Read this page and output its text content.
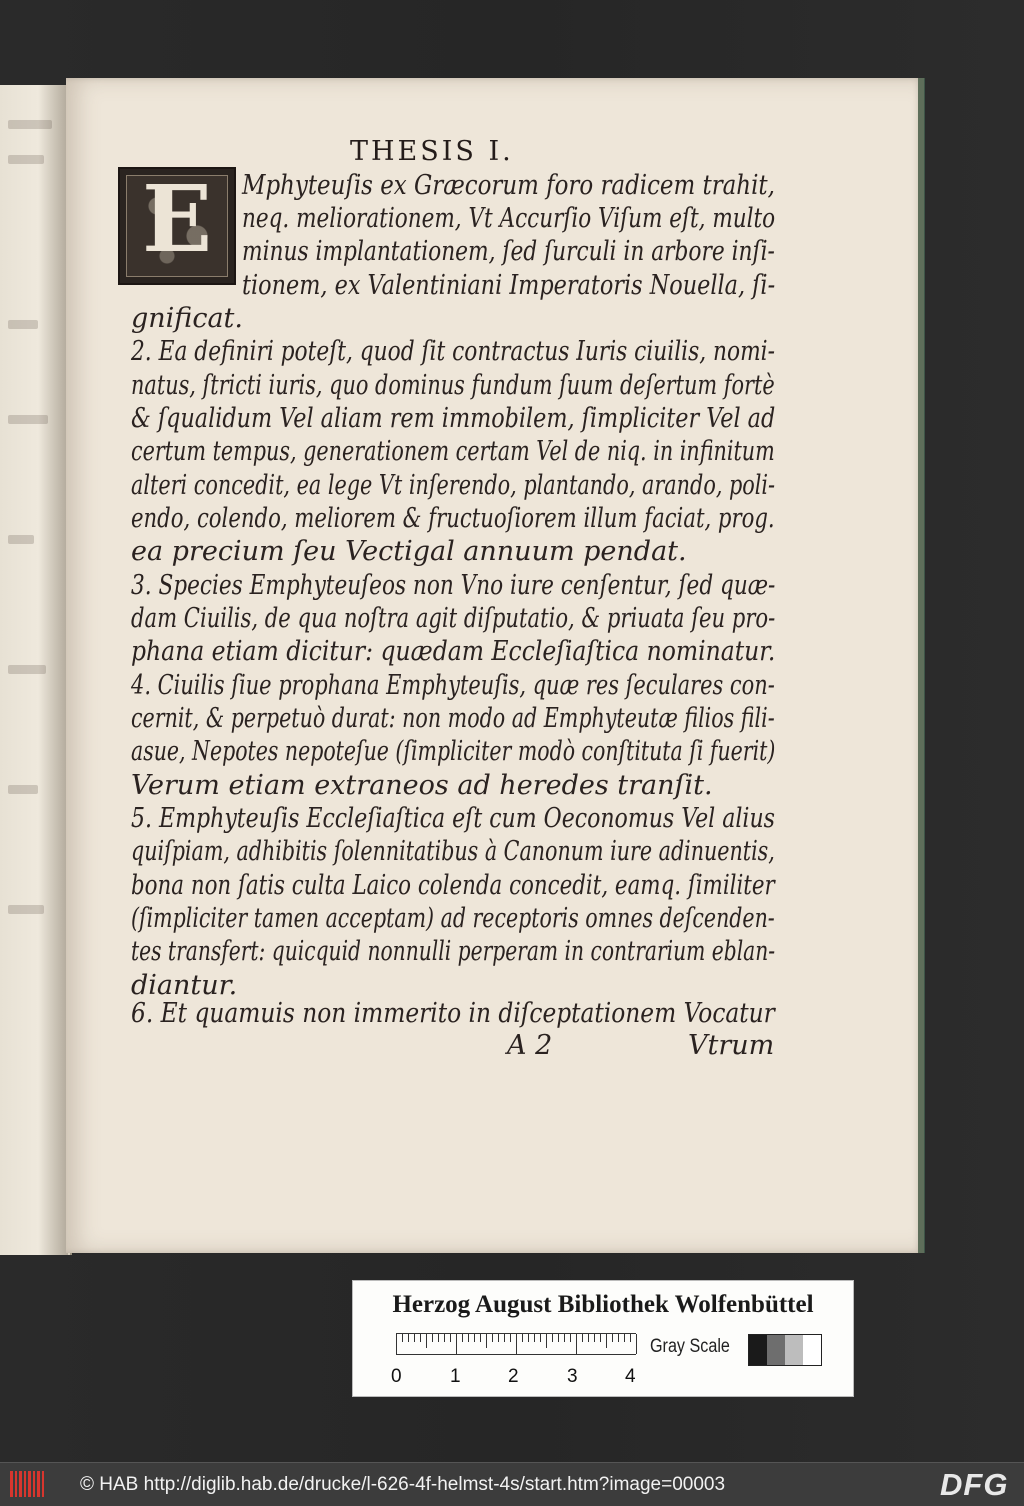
THESIS I.
E	Mphyteuſis ex Græcorum foro radicem trahit,
neq. meliorationem, Vt Accurſio Viſum eſt, multo
minus implantationem, ſed ſurculi in arbore inſi-
tionem, ex Valentiniani Imperatoris Nouella, ſi-
gnificat.
2. Ea definiri poteſt, quod ſit contractus Iuris ciuilis, nomi-
natus, ſtricti iuris, quo dominus fundum ſuum deſertum fortè
& ſqualidum Vel aliam rem immobilem, ſimpliciter Vel ad
certum tempus, generationem certam Vel de niq. in infinitum
alteri concedit, ea lege Vt inſerendo, plantando, arando, poli-
endo, colendo, meliorem & fructuoſiorem illum faciat, prog.
ea precium ſeu Vectigal annuum pendat.
3. Species Emphyteuſeos non Vno iure cenſentur, ſed quæ-
dam Ciuilis, de qua noſtra agit diſputatio, & priuata ſeu pro-
phana etiam dicitur: quædam Eccleſiaſtica nominatur.
4. Ciuilis ſiue prophana Emphyteuſis, quæ res ſeculares con-
cernit, & perpetuò durat: non modo ad Emphyteutæ filios fili-
asue, Nepotes nepoteſue (ſimpliciter modò conſtituta ſi fuerit)
Verum etiam extraneos ad heredes tranſit.
5. Emphyteuſis Eccleſiaſtica eſt cum Oeconomus Vel alius
quiſpiam, adhibitis ſolennitatibus à Canonum iure adinuentis,
bona non ſatis culta Laico colenda concedit, eamq. ſimiliter
(ſimpliciter tamen acceptam) ad receptoris omnes deſcenden-
tes transfert: quicquid nonnulli perperam in contrarium eblan-
diantur.
6. Et quamuis non immerito in diſceptationem Vocatur
A 2	Vtrum
Herzog August Bibliothek Wolfenbüttel
Gray Scale
0	1 2	3 4
© HAB http://diglib.hab.de/drucke/l-626-4f-helmst-4s/start.htm?image=00003	DFG
